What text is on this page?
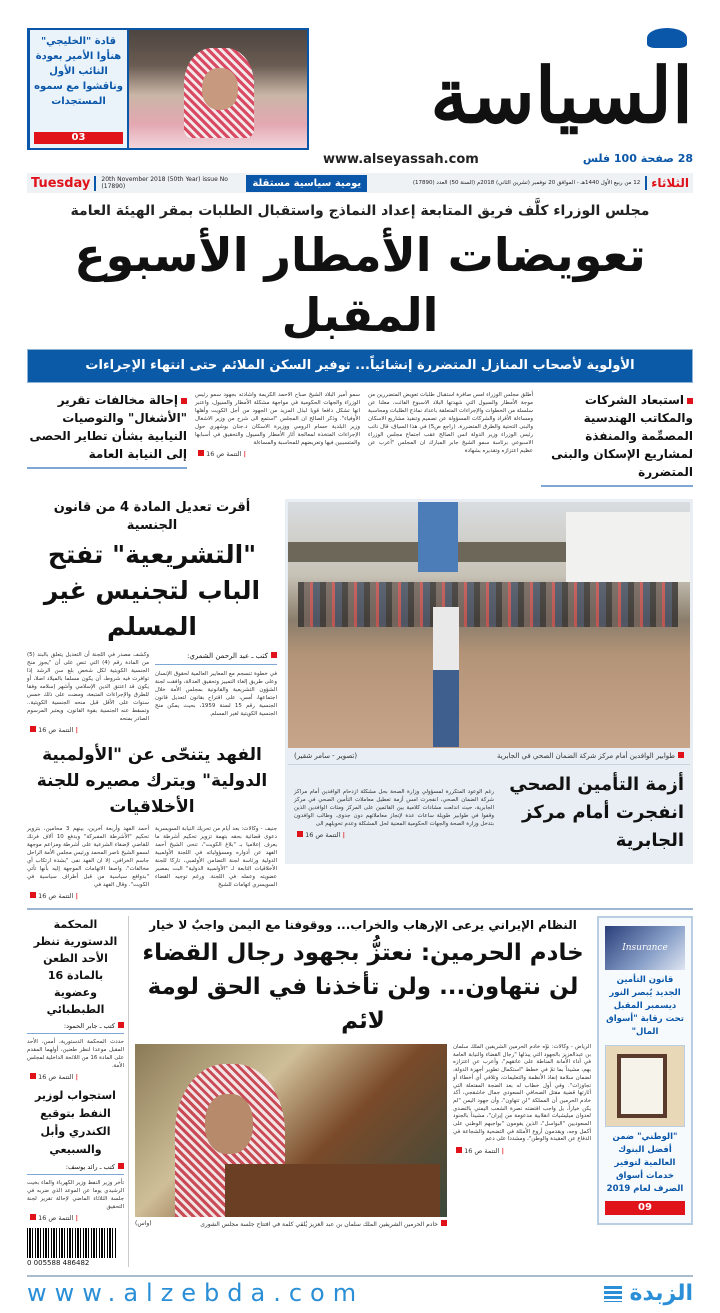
قادة "الخليجي" هنأوا الأمير بعودة النائب الأول وناقشوا مع سموه المستجدات
03	السياسة
www.alseyassah.com	28 صفحة 100 فلس
Tuesday	20th November 2018 (50th Year) issue No (17890)	يومية سياسية مستقلة	12 من ربيع الأول 1440هـ - الموافق 20 نوفمبر (تشرين الثاني) 2018م (السنة 50) العدد (17890) الثلاثاء
مجلس الوزراء كلَّف فريق المتابعة إعداد النماذج واستقبال الطلبات بمقر الهيئة العامة
تعويضات الأمطار الأسبوع المقبل
الأولوية لأصحاب المنازل المتضررة إنشائياً... توفير السكن الملائم حتى انتهاء الإجراءات
إحالة مخالفات تقرير "الأشغال" والتوصيات النيابية بشأن تطاير الحصى إلى النيابة العامة
سمو أمير البلاد الشيخ صباح الاحمد الكريمة واشادته بجهود سمو رئيس الوزراء والجهات الحكومية في مواجهة مشكلة الأمطار والسيول، واعتبر انها تشكل دافعا قويا لبذل المزيد من الجهود من أجل الكويت وأهلها الأوفياء". وذكر الصالح ان المجلس "استمع الى شرح من وزير الاشغال وزير البلدية حسام الرومي ووزيرة الاسكان د.جنان بوشهري حول الإجراءات المتخذة لمعالجة آثار الأمطار والسيول والتحقيق في أسبابها والمتسببين فيها وتعريضهم للمحاسبة والمساءلة
| التتمة ص 16
أطلق مجلس الوزراء امس صافرة استقبال طلبات تعويض المتضررين من موجة الأمطار والسيول التي شهدتها البلاد الاسبوع الفائت، معلنا عن سلسلة من الخطوات والإجراءات المتعلقة باعداد نماذج الطلبات ومحاسبة ومساءلة الأفراد والشركات المسؤولة عن تصميم وتنفيذ مشاريع الاسكان والبنى التحتية والطرق المتضررة. (راجع ص5) في هذا السياق، قال نائب رئيس الوزراء وزير الدولة انس الصالح عقب اجتماع مجلس الوزراء الاسبوعي برئاسة سمو الشيخ جابر المبارك ان المجلس "أعرب عن عظيم اعتزازه وتقديره بشهادة
استبعاد الشركات والمكاتب الهندسية المصمِّمة والمنفذة لمشاريع الإسكان والبنى المتضررة
أقرت تعديل المادة 4 من قانون الجنسية
"التشريعية" تفتح الباب لتجنيس غير المسلم
وكشف مصدر في اللجنة أن التعديل يتعلق بالبند (5) من المادة رقم (4) التي تنص على أن "يجوز منح الجنسية الكويتية لكل شخص بلغ سن الرشد إذا توافرت فيه شروط، أن يكون مسلما بالميلاد اصلا، أو يكون قد اعتنق الدين الإسلامي وأشهر إسلامه وفقا للطرق والإجراءات المتبعة، ومضت على ذلك خمس سنوات على الأقل قبل منحه الجنسية الكويتية.. وتسقط عنه الجنسية بقوة القانون، ويعتبر المرسوم الصادر بمنحه
| التتمة ص 16
كتب ـ عبد الرحمن الشمري:
في خطوة تنسجم مع المعايير العالمية لحقوق الإنسان وعلى طريق إلغاء التمييز وتحقيق العدالة، وافقت لجنة الشؤون التشريعية والقانونية بمجلس الأمة خلال اجتماعها، أمس، على اقتراح بقانون لتعديل قانون الجنسية رقم 15 لسنة 1959، بحيث يمكن منح الجنسية الكويتية لغير المسلم.
الفهد يتنحّى عن "الأولمبية الدولية" ويترك مصيره للجنة الأخلاقيات
أحمد الفهد وأربعة آخرين، بينهم 3 محامين، بتزوير تحكيم "الأشرطة المفبركة" وبدفع 10 آلاف فرنك للقاضي لإضفاء الشرعية على أشرطة ومزاعم موجهة لسمو الشيخ ناصر المحمد ورئيس مجلس الأمة الراحل جاسم الخرافي، إلا ان الفهد نفى "بشدة ارتكاب أي مخالفات"، واصفا الاتهامات الموجهة إليه بأنها تأتي "بدوافع سياسية من قبل أطراف سياسية في الكويت". وقال الفهد في
| التتمة ص 16
جنيف - وكالات: بعد أيام من تحريك النيابة السويسرية دعوى قضائية بحقه بتهمة تزوير تحكيم أشرطة ما يعرف إعلاميا بـ "بلاغ الكويت"، تنحى الشيخ أحمد الفهد عن أدواره ومسؤولياته في اللجنة الأولمبية الدولية ورئاسة لجنة التضامن الأولمبي، تاركا للجنة الأخلاقيات التابعة لـ "الأولمبية الدولية" البت بمصير عضويته وعمله في اللجنة. ورغم توجيه القضاء السويسري اتهامات للشيخ
(تصوير - سامر شقير)	طوابير الوافدين أمام مركز شركة الضمان الصحي في الجابرية
رغم الوعود المتكررة لمسؤولي وزارة الصحة بحل مشكلة ازدحام الوافدين أمام مراكز شركة الضمان الصحي، انفجرت امس أزمة تعطيل معاملات التأمين الصحي في مركز الجابرية، حيث اندلعت مشادات كلامية بين القائمين على المركز ومئات الوافدين الذين وقفوا في طوابير طويلة ساعات عدة لإنجاز معاملاتهم دون جدوى. وطالب الوافدون بتدخل وزارة الصحة والجهات الحكومية المعنية لحل المشكلة وعدم تحويلهم الى
| التتمة ص 16
أزمة التأمين الصحي انفجرت أمام مركز الجابرية
المحكمة الدستورية تنظر الأحد الطعن بالمادة 16 وعضوية الطبطبائي
كتب ـ جابر الحمود:
حددت المحكمة الدستورية، أمس، الأحد المقبل موعدا لنظر طعنين، أولهما المقدم على المادة 16 من اللائحة الداخلية لمجلس الأمة.
| التتمة ص 16
استجواب لوزير النفط بتوقيع الكندري وأبل والسبيعي
كتب ـ رائد يوسف:
تأخر وزير النفط وزير الكهرباء والماء بخيت الرشيدي يوما عن الموعد الذي ضربه في جلسة الثلاثاء الماضي لإحالة تقرير لجنة التحقيق
| التتمة ص 16
0 005588 486482
النظام الإيراني يرعى الإرهاب والخراب... ووقوفنا مع اليمن واجبٌ لا خيار
خادم الحرمين: نعتزُّ بجهود رجال القضاء لن نتهاون... ولن تأخذنا في الحق لومة لائم
(واس)	خادم الحرمين الشريفين الملك سلمان بن عبد العزيز يُلقي كلمة في افتتاح جلسة مجلس الشورى
الرياض - وكالات: نوّه خادم الحرمين الشريفين الملك سلمان بن عبدالعزيز بالجهود التي يبذلها "رجال القضاء والنيابة العامة في أداء الأمانة المناطة على عاتقهم"، وأعرب عن اعتزازه بهم، مشيداً بما تمّ في خطط "استكمال تطوير أجهزة الدولة، لضمان سلامة إنفاذ الأنظمة والتعليمات، وتلافي أي أخطاء أو تجاوزات". وفي أول خطاب له بعد الضجة المفتعلة التي أثارتها قضية مقتل الصحافي السعودي جمال خاشقجي، أكد خادم الحرمين أن المملكة "لن تتهاون"، وأن جهود اليمن "لم يكن خياراً، بل واجب اقتضته نصرة الشعب اليمني بالتصدي لعدوان ميليشيات انقلابية مدعومة من إيران"، مشيداً بالجنود السعوديين "البواسل"، الذين يقومون "بواجبهم الوطني على أكمل وجه، ويقدمون أروع الأمثلة في التضحية والشجاعة في الدفاع عن العقيدة والوطن"، ومشددا على دعم
| التتمة ص 16
Insurance
قانون التأمين الجديد يُبصر النور ديسمبر المقبل تحت رقابة "أسواق المال"
"الوطني" ضمن أفضل البنوك العالمية لتوفير خدمات أسواق الصرف لعام 2019
09
www.alzebda.com	الزبدة
